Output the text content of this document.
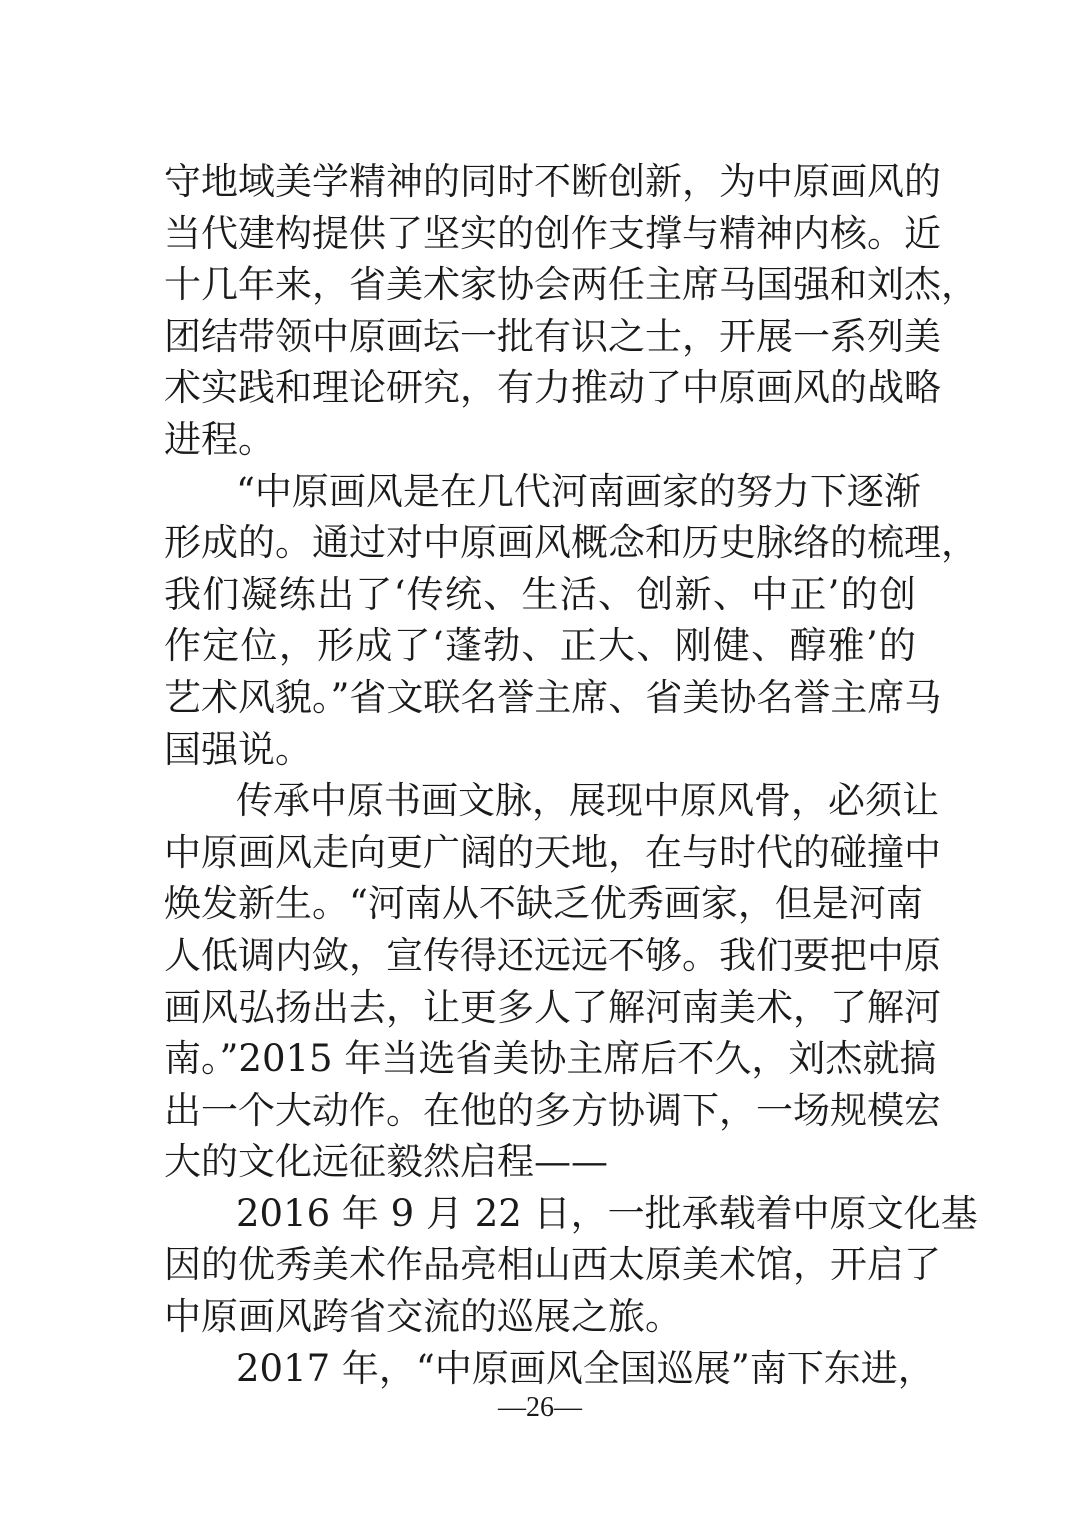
守地域美学精神的同时不断创新，为中原画风的
当代建构提供了坚实的创作支撑与精神内核。近
十几年来，省美术家协会两任主席马国强和刘杰，
团结带领中原画坛一批有识之士，开展一系列美
术实践和理论研究，有力推动了中原画风的战略
进程。
“中原画风是在几代河南画家的努力下逐渐
形成的。通过对中原画风概念和历史脉络的梳理，
我们凝练出了‘传统、生活、创新、中正’的创
作定位，形成了‘蓬勃、正大、刚健、醇雅’的
艺术风貌。”省文联名誉主席、省美协名誉主席马
国强说。
传承中原书画文脉，展现中原风骨，必须让
中原画风走向更广阔的天地，在与时代的碰撞中
焕发新生。“河南从不缺乏优秀画家，但是河南
人低调内敛，宣传得还远远不够。我们要把中原
画风弘扬出去，让更多人了解河南美术，了解河
南。”2015 年当选省美协主席后不久，刘杰就搞
出一个大动作。在他的多方协调下，一场规模宏
大的文化远征毅然启程——
2016 年 9 月 22 日，一批承载着中原文化基
因的优秀美术作品亮相山西太原美术馆，开启了
中原画风跨省交流的巡展之旅。
2017 年，“中原画风全国巡展”南下东进，
—26—
